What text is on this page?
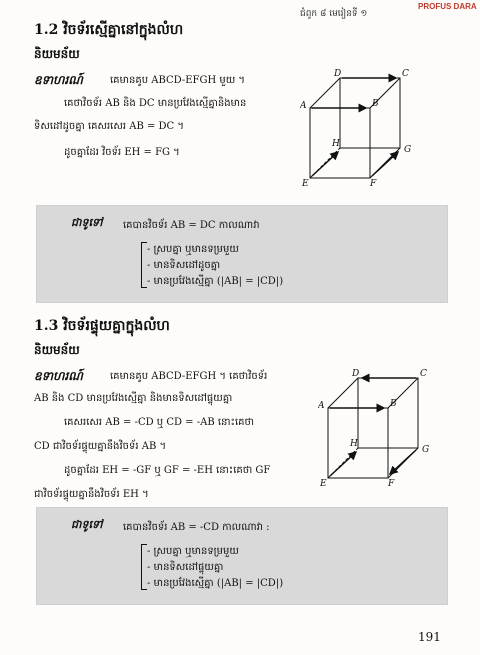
PROFUS DARA
ជំពូក ៨ មេរៀនទី ១
1.2 វិចទ័រស្មើគ្នានៅក្នុងលំហ
និយមន័យ
ឧទាហរណ៍	គេមានគូប ABCD-EFGH មួយ ។
គេថាវិចទ័រ AB និង DC មានប្រវែងស្មើគ្នានិងមាន
ទិសដៅដូចគ្នា គេសរសេរ AB = DC ។
ដូចគ្នាដែរ វិចទ័រ EH = FG ។
D	C
A	B
H
G
E	F
ជាទូទៅ គេបានវិចទ័រ AB = DC កាលណាវា
- ស្របគ្នា ឬមានទម្រមួយ
- មានទិសដៅដូចគ្នា
- មានប្រវែងស្មើគ្នា (|AB| = |CD|)
1.3 វិចទ័រផ្ទុយគ្នាក្នុងលំហ
និយមន័យ
ឧទាហរណ៍	គេមានគូប ABCD-EFGH ។ គេថាវិចទ័រ
AB និង CD មានប្រវែងស្មើគ្នា និងមានទិសដៅផ្ទុយគ្នា
គេសរសេរ AB = -CD ឬ CD = -AB នោះគេថា
CD ជាវិចទ័រផ្ទុយគ្នានឹងវិចទ័រ AB ។
ដូចគ្នាដែរ EH = -GF ឬ GF = -EH នោះគេថា GF
ជាវិចទ័រផ្ទុយគ្នានឹងវិចទ័រ EH ។
D	C
A	B
H
G
E	F
ជាទូទៅ គេបានវិចទ័រ AB = -CD កាលណាវា :
- ស្របគ្នា ឬមានទម្រមួយ
- មានទិសដៅផ្ទុយគ្នា
- មានប្រវែងស្មើគ្នា (|AB| = |CD|)
191
